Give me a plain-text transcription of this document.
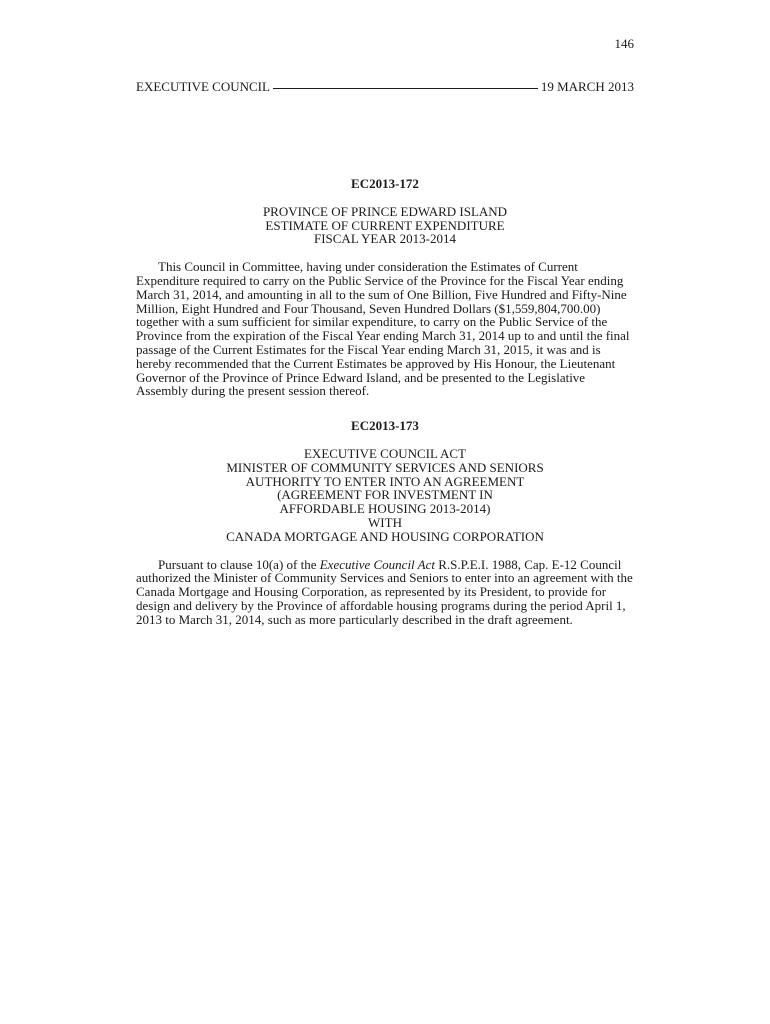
146
EXECUTIVE COUNCIL	19 MARCH 2013

EC2013-172

PROVINCE OF PRINCE EDWARD ISLAND
ESTIMATE OF CURRENT EXPENDITURE
FISCAL YEAR 2013-2014

This Council in Committee, having under consideration the Estimates of Current Expenditure required to carry on the Public Service of the Province for the Fiscal Year ending March 31, 2014, and amounting in all to the sum of One Billion, Five Hundred and Fifty-Nine Million, Eight Hundred and Four Thousand, Seven Hundred Dollars ($1,559,804,700.00) together with a sum sufficient for similar expenditure, to carry on the Public Service of the Province from the expiration of the Fiscal Year ending March 31, 2014 up to and until the final passage of the Current Estimates for the Fiscal Year ending March 31, 2015, it was and is hereby recommended that the Current Estimates be approved by His Honour, the Lieutenant Governor of the Province of Prince Edward Island, and be presented to the Legislative Assembly during the present session thereof.

EC2013-173

EXECUTIVE COUNCIL ACT
MINISTER OF COMMUNITY SERVICES AND SENIORS
AUTHORITY TO ENTER INTO AN AGREEMENT
(AGREEMENT FOR INVESTMENT IN
AFFORDABLE HOUSING 2013-2014)
WITH
CANADA MORTGAGE AND HOUSING CORPORATION

Pursuant to clause 10(a) of the Executive Council Act R.S.P.E.I. 1988, Cap. E-12 Council authorized the Minister of Community Services and Seniors to enter into an agreement with the Canada Mortgage and Housing Corporation, as represented by its President, to provide for design and delivery by the Province of affordable housing programs during the period April 1, 2013 to March 31, 2014, such as more particularly described in the draft agreement.
